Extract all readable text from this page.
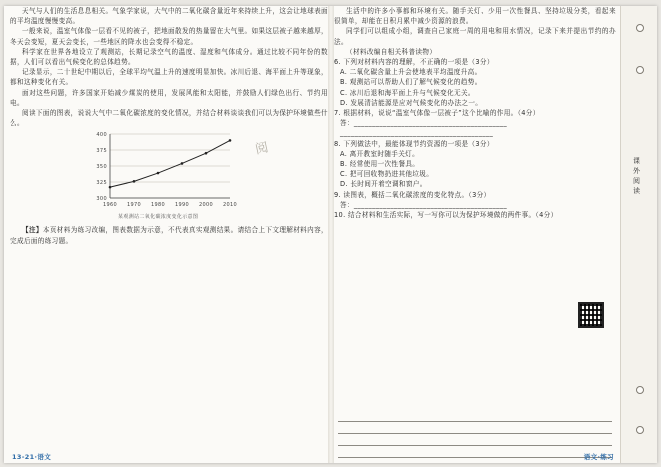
天气与人们的生活息息相关。气象学家说，大气中的二氧化碳含量近年来持续上升，这会让地球表面的平均温度慢慢变高。

一般来说，温室气体像一层看不见的被子，把地面散发的热量留在大气里。如果这层被子越来越厚，冬天会变短，夏天会变长，一些地区的降水也会变得不稳定。

科学家在世界各地设立了观测站，长期记录空气的温度、湿度和气体成分。通过比较不同年份的数据，人们可以看出气候变化的总体趋势。

记录显示，二十世纪中期以后，全球平均气温上升的速度明显加快。冰川后退、海平面上升等现象，都和这种变化有关。

面对这些问题，许多国家开始减少煤炭的使用，发展风能和太阳能，并鼓励人们绿色出行、节约用电。

阅读下面的图表，说说大气中二氧化碳浓度的变化情况，并结合材料谈谈我们可以为保护环境做些什么。

300
325
350
375
400
1960 1970 1980 1990 2000 2010
某观测站二氧化碳浓度变化示意图
阅

【注】本页材料为练习改编，图表数据为示意，不代表真实观测结果。请结合上下文理解材料内容，完成后面的练习题。

13-21·语文

生活中的许多小事都和环境有关。随手关灯、少用一次性餐具、坚持垃圾分类，看起来很简单，却能在日积月累中减少资源的浪费。

同学们可以组成小组，调查自己家庭一周的用电和用水情况，记录下来并提出节约的办法。

（材料改编自相关科普读物）

6. 下列对材料内容的理解，不正确的一项是（3分）

A. 二氧化碳含量上升会使地表平均温度升高。

B. 观测站可以帮助人们了解气候变化的趋势。

C. 冰川后退和海平面上升与气候变化无关。

D. 发展清洁能源是应对气候变化的办法之一。

7. 根据材料，说说“温室气体像一层被子”这个比喻的作用。（4分）

答：__________________________________________

__________________________________________

8. 下列做法中，最能体现节约资源的一项是（3分）

A. 离开教室时随手关灯。

B. 经常使用一次性餐具。

C. 把可回收物扔进其他垃圾。

D. 长时间开着空调和窗户。

9. 读图表，概括二氧化碳浓度的变化特点。（3分）

答：__________________________________________

10. 结合材料和生活实际，写一写你可以为保护环境做的两件事。（4分）

语文·练习
课外阅读
